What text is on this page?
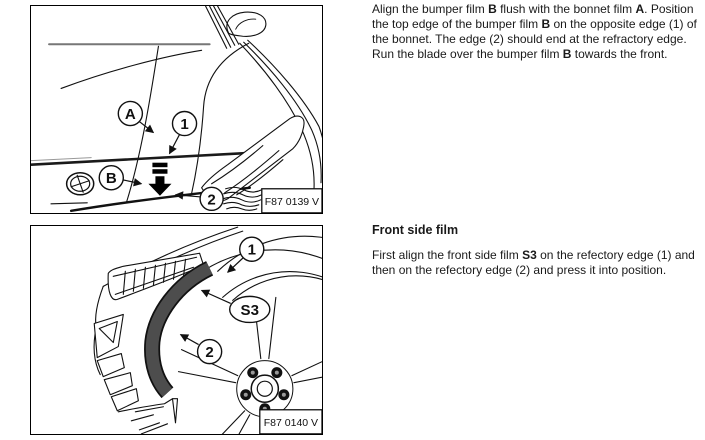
A
1
B
2	F87 0139 V
1
S3
2
F87 0140 V

Align the bumper film B flush with the bonnet film A. Position the top edge of the bumper film B on the opposite edge (1) of the bonnet. The edge (2) should end at the refractory edge. Run the blade over the bumper film B towards the front.

Front side film

First align the front side film S3 on the refectory edge (1) and then on the refectory edge (2) and press it into position.
